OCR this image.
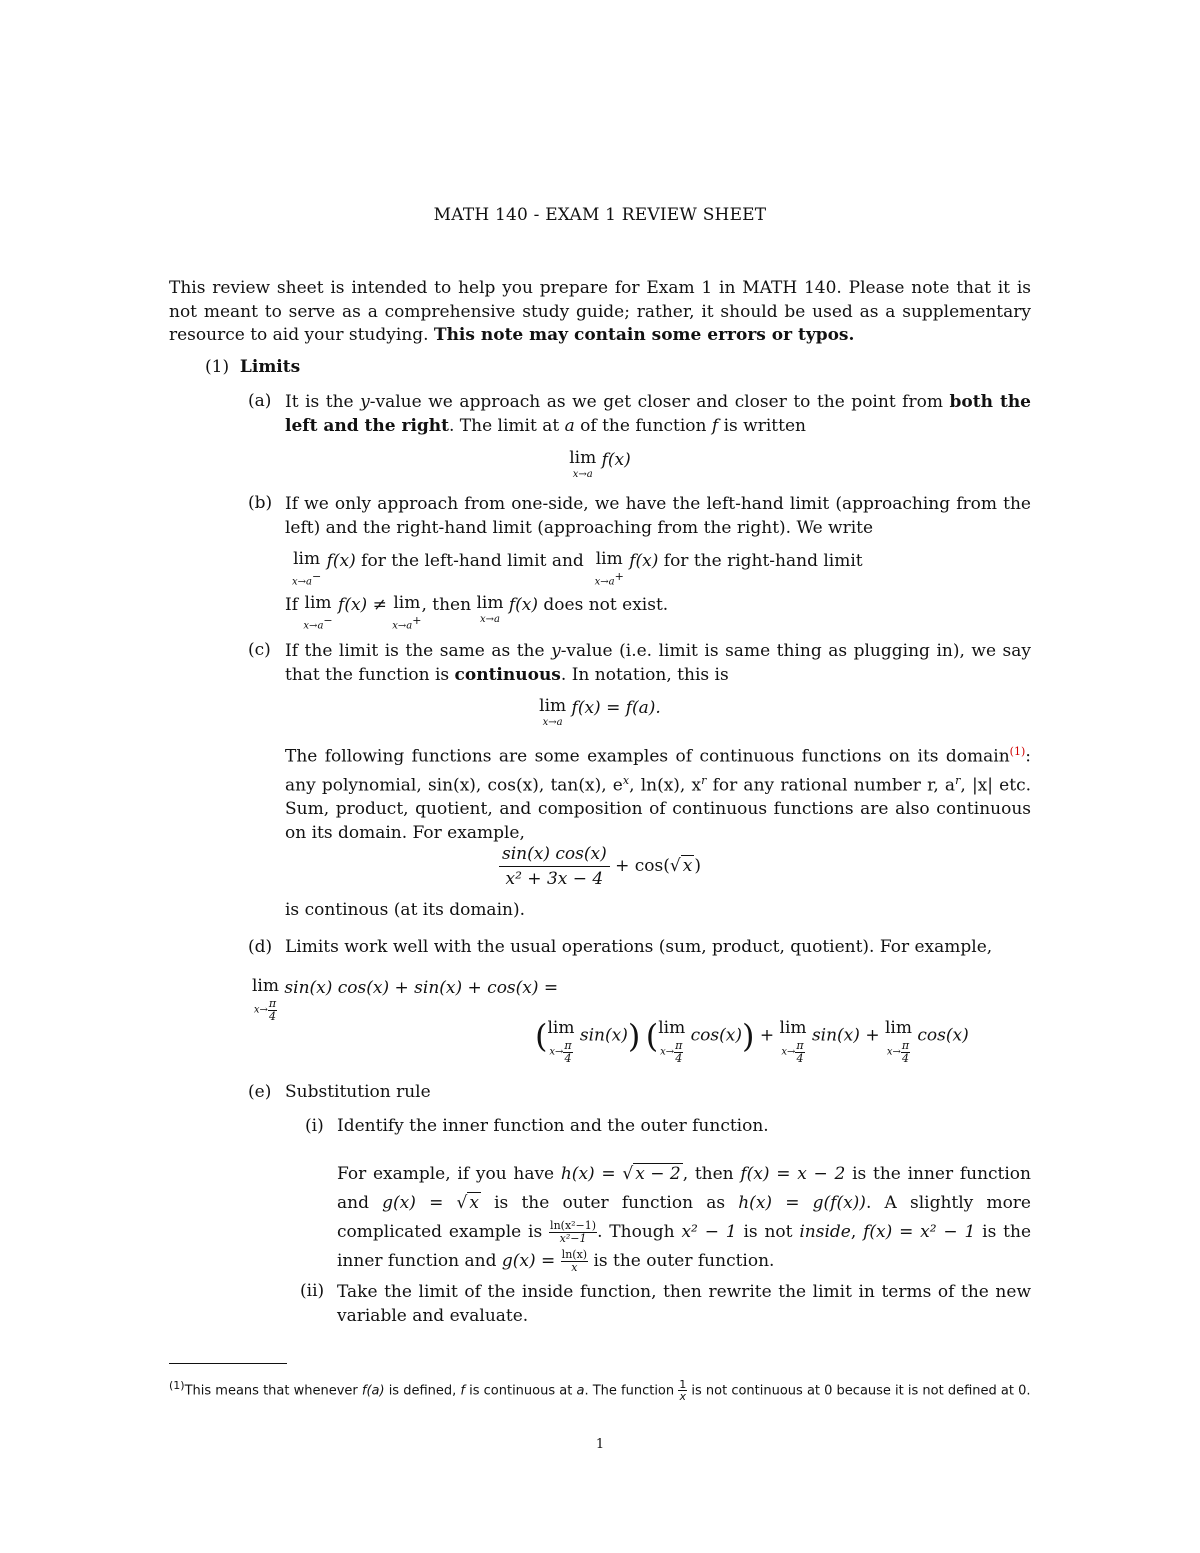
MATH 140 - EXAM 1 REVIEW SHEET
This review sheet is intended to help you prepare for Exam 1 in MATH 140. Please note that it is not meant to serve as a comprehensive study guide; rather, it should be used as a supplementary resource to aid your studying. This note may contain some errors or typos.
(1) Limits
(a) It is the y-value we approach as we get closer and closer to the point from both the left and the right. The limit at a of the function f is written
lim
x→a
f(x)
(b) If we only approach from one-side, we have the left-hand limit (approaching from the left) and the right-hand limit (approaching from the right). We write
lim
x→a−
f(x) for the left-hand limit and lim
x→a+
f(x) for the right-hand limit
If lim
x→a−
f(x) ≠ lim
x→a+
, then lim
x→a
f(x) does not exist.
(c) If the limit is the same as the y-value (i.e. limit is same thing as plugging in), we say that the function is continuous. In notation, this is
lim
x→a
f(x) = f(a).
The following functions are some examples of continuous functions on its domain$^{(1)}$: any polynomial, sin(x), cos(x), tan(x), $e^x$, ln(x), $x^r$ for any rational number r, $a^r$, |x| etc. Sum, product, quotient, and composition of continuous functions are also continuous on its domain. For example,
$\frac{\sin(x) \cos(x)}{\text{x² + 3x − 4}} + \cos(√$ x )
is continous (at its domain).
(d) Limits work well with the usual operations (sum, product, quotient). For example,
lim
$x\to \frac{\pi}{4}$
sin(x) cos(x) + sin(x) + cos(x) =
( lim
$x\to \frac{\pi}{4}$
sin(x)) ( lim
$x\to \frac{\pi}{4}$
cos(x)) + lim
$x\to \frac{\pi}{4}$
sin(x) + lim
$x\to \frac{\pi}{4}$
cos(x)
(e) Substitution rule
(i) Identify the inner function and the outer function.
For example, if you have h(x) = √ x − 2 , then f(x) = x − 2 is the inner function and g(x) = √ x is the outer function as h(x) = g(f(x)). A slightly more complicated example is $\frac{\text{ln(x²−1)}}{\text{x²−1}}$ . Though x² − 1 is not inside, f(x) = x² − 1 is the inner function and $g(x) = \frac{\ln(x)}{x}$ is the outer function.
(ii) Take the limit of the inside function, then rewrite the limit in terms of the new variable and evaluate.
$^{(1)}$This means that whenever f(a) is defined, f is continuous at a. The function $\frac{1}{x}$ is not continuous at 0 because it is not defined at 0.
1
